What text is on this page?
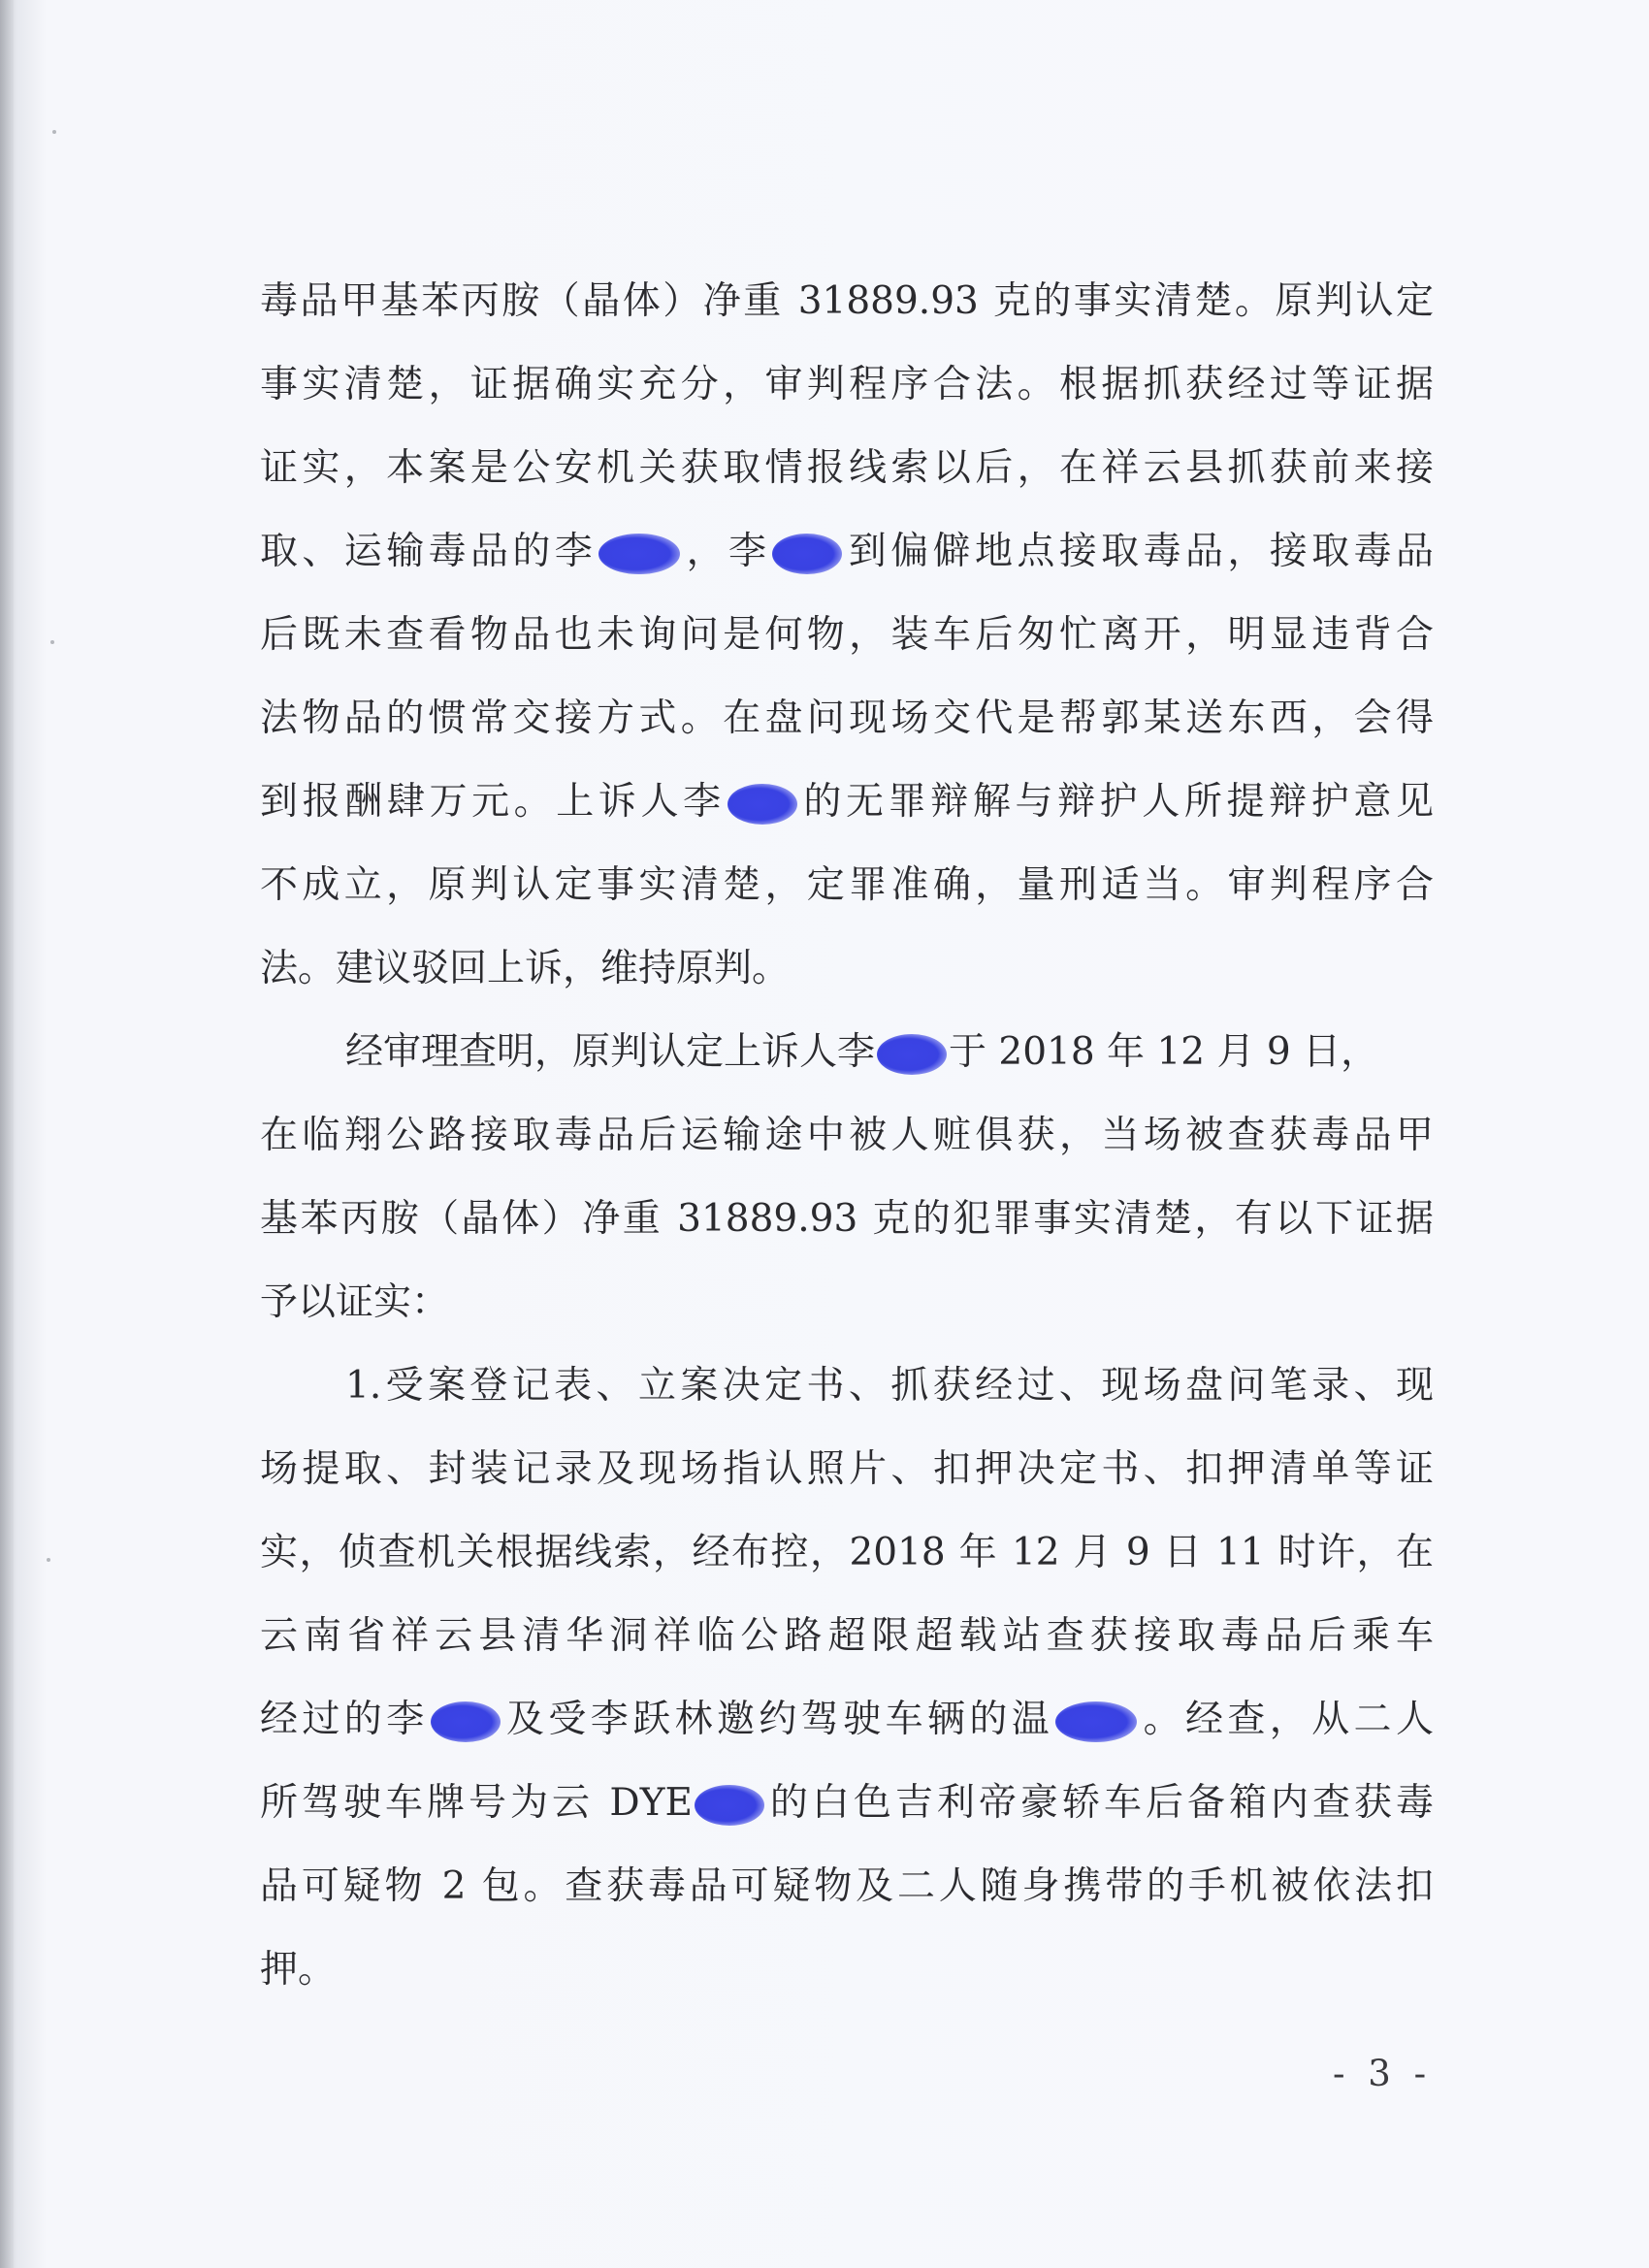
毒品甲基苯丙胺（晶体）净重 31889.93 克的事实清楚。原判认定
事实清楚，证据确实充分，审判程序合法。根据抓获经过等证据
证实，本案是公安机关获取情报线索以后，在祥云县抓获前来接
取、运输毒品的李 ，李 到偏僻地点接取毒品，接取毒品
后既未查看物品也未询问是何物，装车后匆忙离开，明显违背合
法物品的惯常交接方式。在盘问现场交代是帮郭某送东西，会得
到报酬肆万元。上诉人李 的无罪辩解与辩护人所提辩护意见
不成立，原判认定事实清楚，定罪准确，量刑适当。审判程序合
法。建议驳回上诉，维持原判。
经审理查明，原判认定上诉人李 于 2018 年 12 月 9 日，
在临翔公路接取毒品后运输途中被人赃俱获，当场被查获毒品甲
基苯丙胺（晶体）净重 31889.93 克的犯罪事实清楚，有以下证据
予以证实：
1.受案登记表、立案决定书、抓获经过、现场盘问笔录、现
场提取、封装记录及现场指认照片、扣押决定书、扣押清单等证
实，侦查机关根据线索，经布控，2018 年 12 月 9 日 11 时许，在
云南省祥云县清华洞祥临公路超限超载站查获接取毒品后乘车
经过的李 及受李跃林邀约驾驶车辆的温 。经查，从二人
所驾驶车牌号为云 DYE 的白色吉利帝豪轿车后备箱内查获毒
品可疑物 2 包。查获毒品可疑物及二人随身携带的手机被依法扣
押。
- 3 -
